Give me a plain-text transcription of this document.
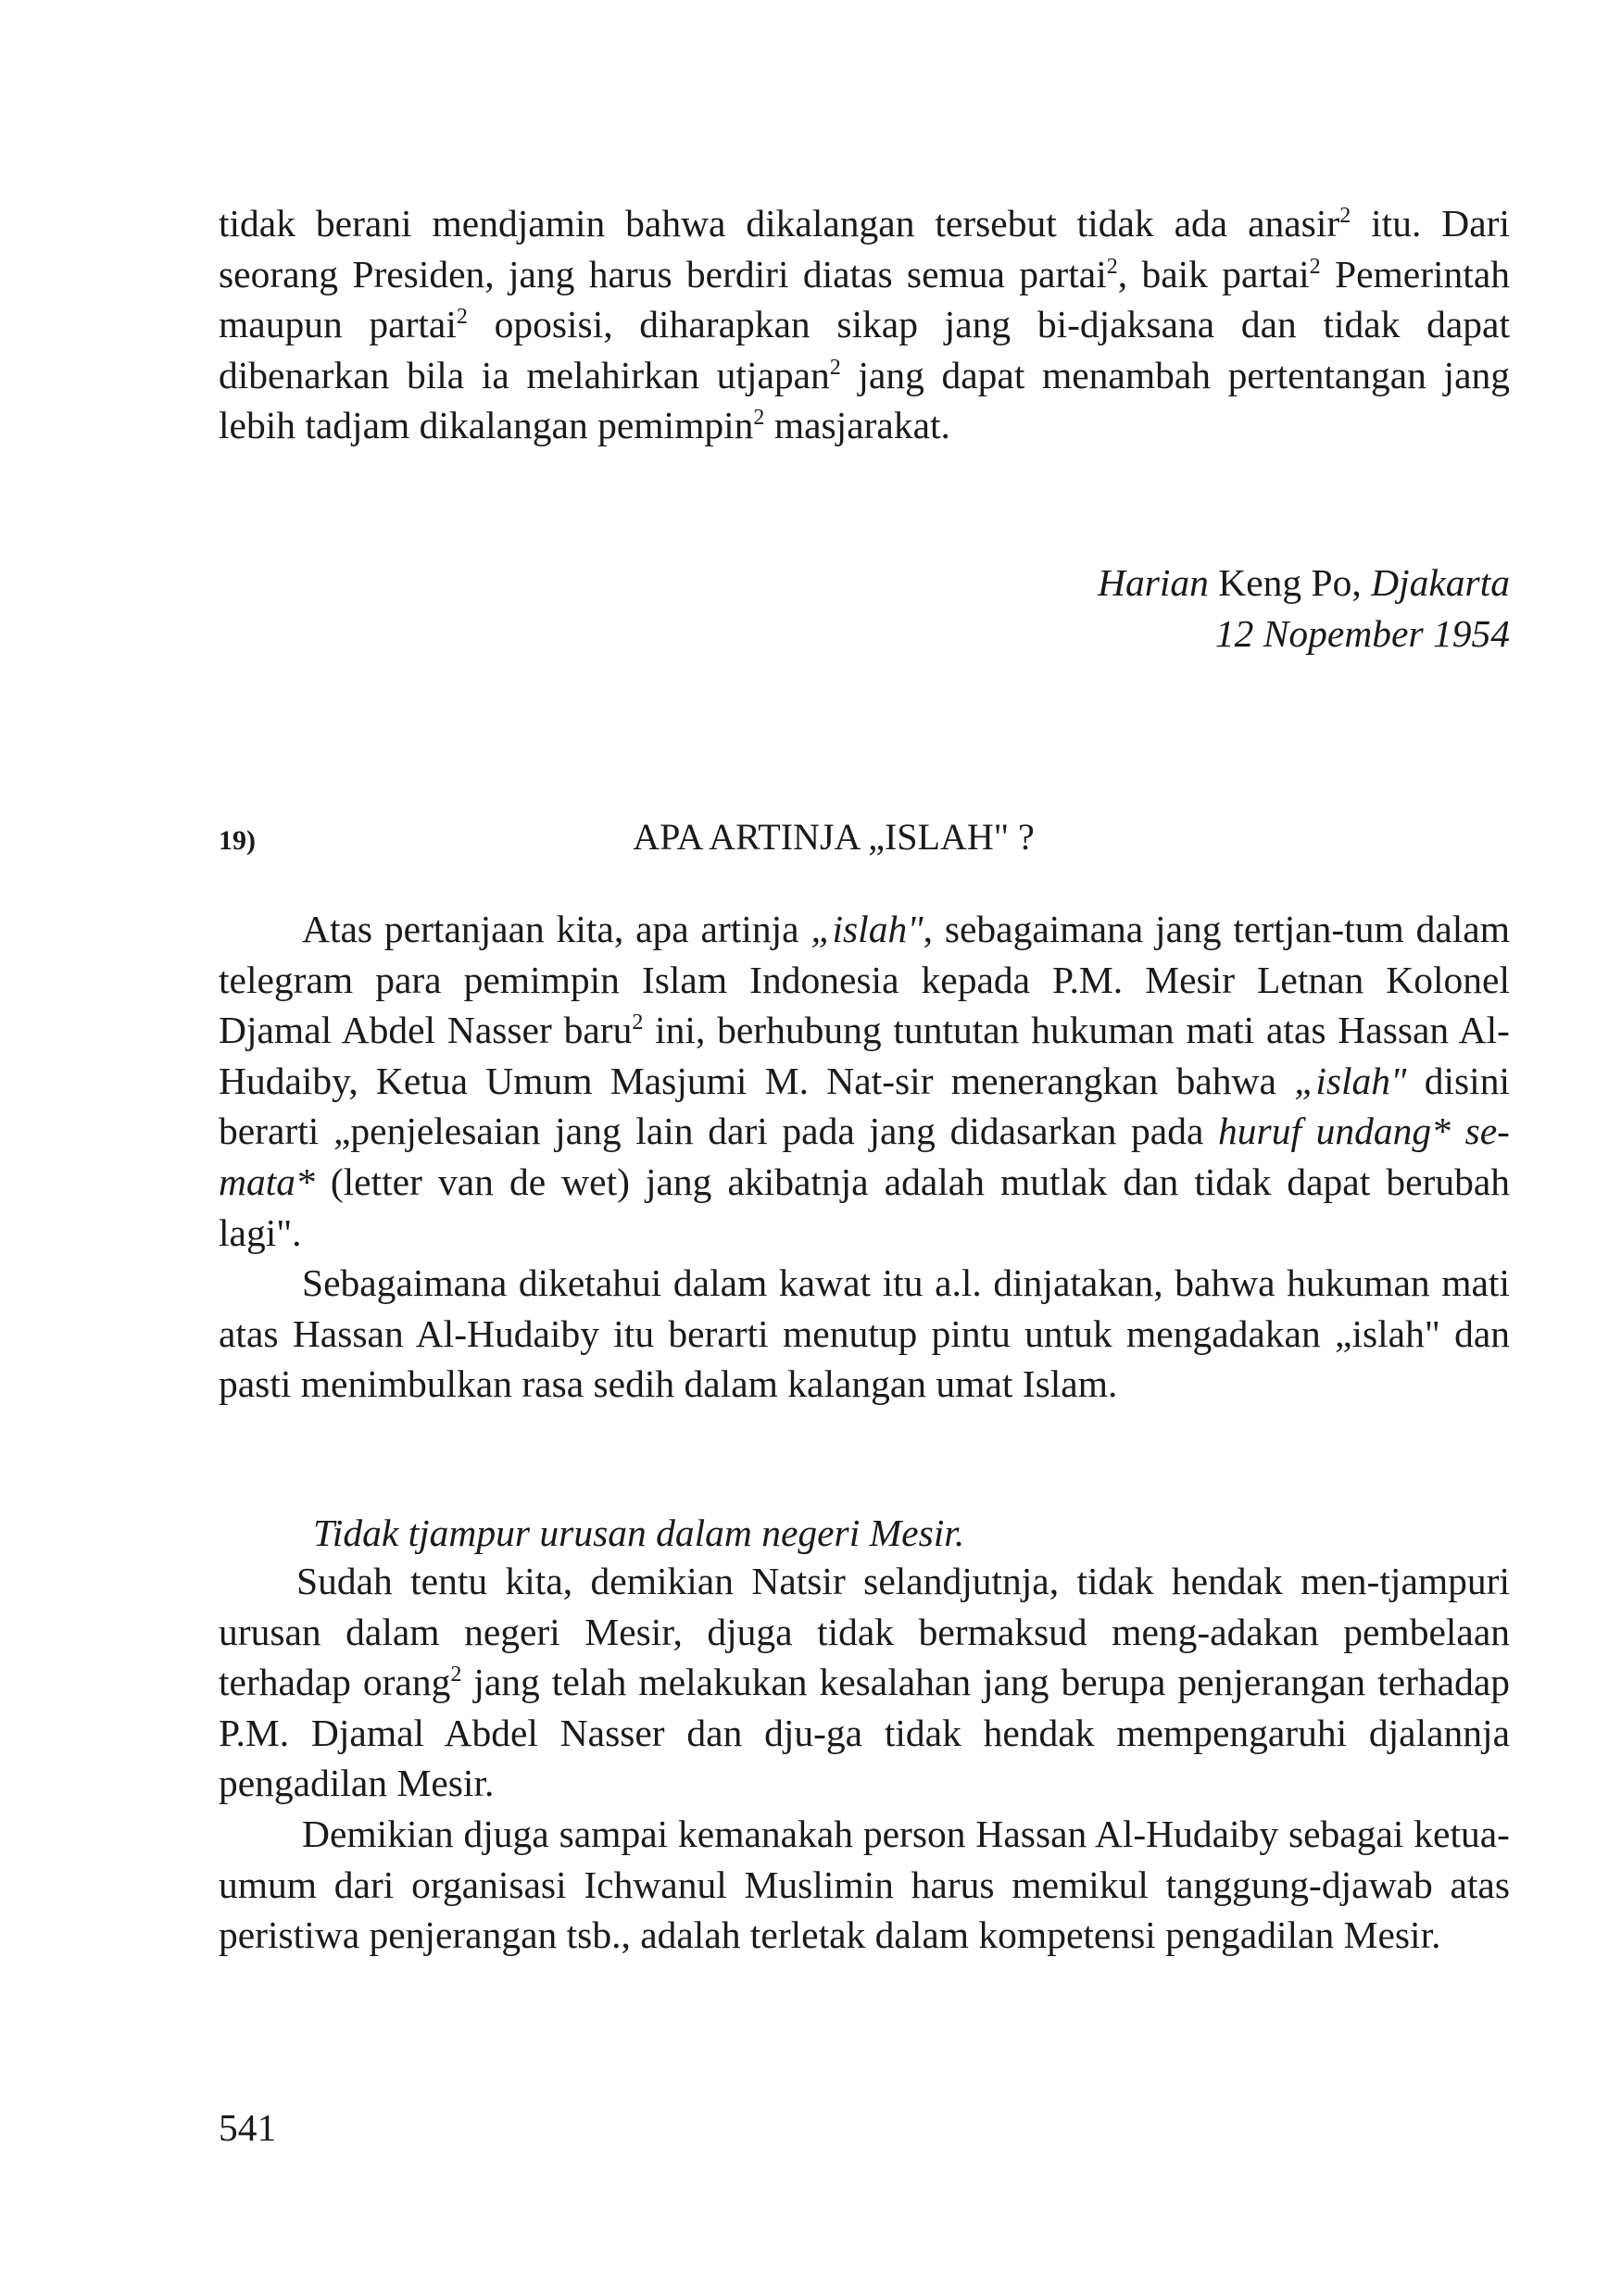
tidak berani mendjamin bahwa dikalangan tersebut tidak ada anasir$^2$ itu. Dari seorang Presiden, jang harus berdiri diatas semua partai$^2$, baik partai$^2$ Pemerintah maupun partai$^2$ oposisi, diharapkan sikap jang bi-djaksana dan tidak dapat dibenarkan bila ia melahirkan utjapan$^2$ jang dapat menambah pertentangan jang lebih tadjam dikalangan pemimpin$^2$ masjarakat.

Harian Keng Po, Djakarta
12 Nopember 1954
19)	APA ARTINJA „ISLAH" ?

Atas pertanjaan kita, apa artinja „islah", sebagaimana jang tertjan-tum dalam telegram para pemimpin Islam Indonesia kepada P.M. Mesir Letnan Kolonel Djamal Abdel Nasser baru$^2$ ini, berhubung tuntutan hukuman mati atas Hassan Al-Hudaiby, Ketua Umum Masjumi M. Nat-sir menerangkan bahwa „islah" disini berarti „penjelesaian jang lain dari pada jang didasarkan pada huruf undang* se-mata* (letter van de wet) jang akibatnja adalah mutlak dan tidak dapat berubah lagi".

Sebagaimana diketahui dalam kawat itu a.l. dinjatakan, bahwa hukuman mati atas Hassan Al-Hudaiby itu berarti menutup pintu untuk mengadakan „islah" dan pasti menimbulkan rasa sedih dalam kalangan umat Islam.

Tidak tjampur urusan dalam negeri Mesir.

Sudah tentu kita, demikian Natsir selandjutnja, tidak hendak men-tjampuri urusan dalam negeri Mesir, djuga tidak bermaksud meng-adakan pembelaan terhadap orang$^2$ jang telah melakukan kesalahan jang berupa penjerangan terhadap P.M. Djamal Abdel Nasser dan dju-ga tidak hendak mempengaruhi djalannja pengadilan Mesir.

Demikian djuga sampai kemanakah person Hassan Al-Hudaiby sebagai ketua-umum dari organisasi Ichwanul Muslimin harus memikul tanggung-djawab atas peristiwa penjerangan tsb., adalah terletak dalam kompetensi pengadilan Mesir.

541
